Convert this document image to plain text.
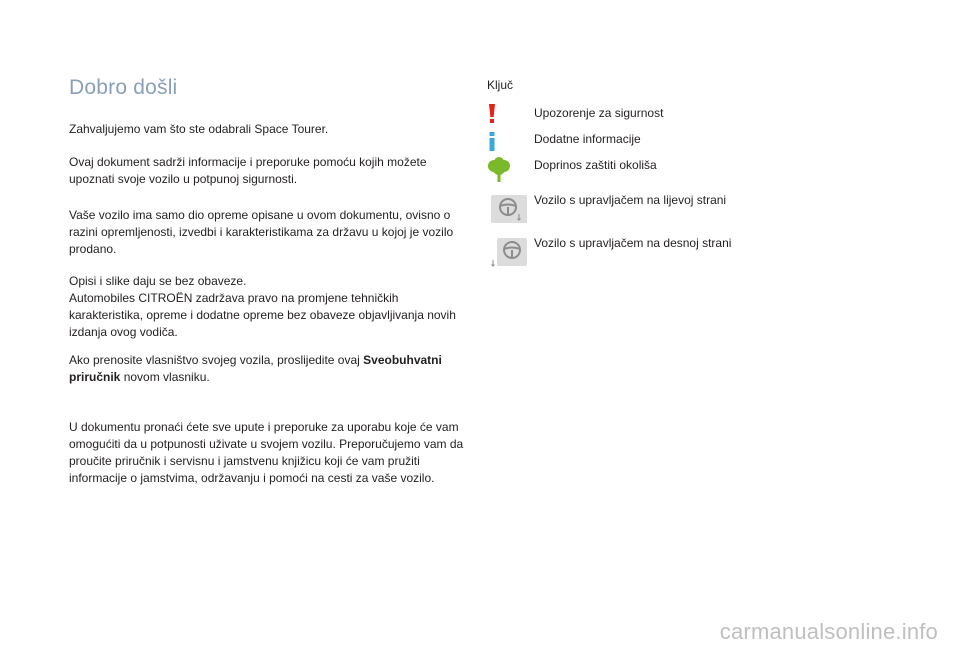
Dobro došli

Zahvaljujemo vam što ste odabrali Space Tourer.

Ovaj dokument sadrži informacije i preporuke pomoću kojih možete upoznati svoje vozilo u potpunoj sigurnosti.

Vaše vozilo ima samo dio opreme opisane u ovom dokumentu, ovisno o razini opremljenosti, izvedbi i karakteristikama za državu u kojoj je vozilo prodano.

Opisi i slike daju se bez obaveze.
Automobiles CITROËN zadržava pravo na promjene tehničkih karakteristika, opreme i dodatne opreme bez obaveze objavljivanja novih izdanja ovog vodiča.

Ako prenosite vlasništvo svojeg vozila, proslijedite ovaj Sveobuhvatni priručnik novom vlasniku.

U dokumentu pronaći ćete sve upute i preporuke za uporabu koje će vam omogućiti da u potpunosti uživate u svojem vozilu. Preporučujemo vam da proučite priručnik i servisnu i jamstvenu knjižicu koji će vam pružiti informacije o jamstvima, održavanju i pomoći na cesti za vaše vozilo.

Ključ
Upozorenje za sigurnost
Dodatne informacije
Doprinos zaštiti okoliša
Vozilo s upravljačem na lijevoj strani
Vozilo s upravljačem na desnoj strani
carmanualsonline.info
